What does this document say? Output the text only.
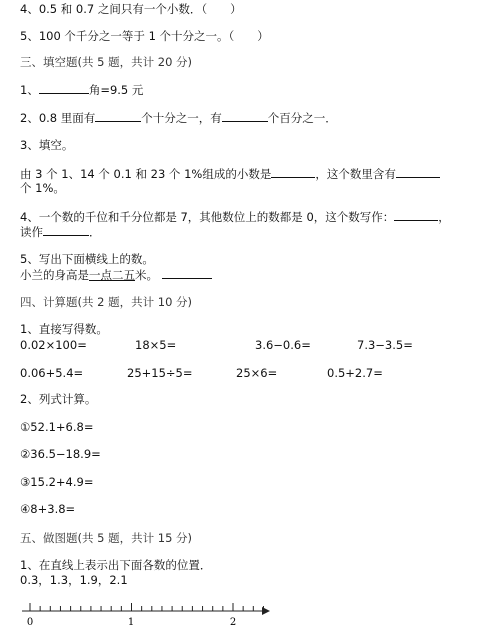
4、0.5 和 0.7 之间只有一个小数．（　　）
5、100 个千分之一等于 1 个十分之一。（　　）
三、填空题(共 5 题，共计 20 分)
1、	角=9.5 元
2、0.8 里面有	个十分之一，有	个百分之一．
3、填空。
由 3 个 1、14 个 0.1 和 23 个 1%组成的小数是	，这个数里含有
个 1%。
4、一个数的千位和千分位都是 7，其他数位上的数都是 0，这个数写作：	，
读作	．
5、写出下面横线上的数。
小兰的身高是一点二五米。
四、计算题(共 2 题，共计 10 分)
1、直接写得数。
0.02×100=	18×5=	3.6−0.6=	7.3−3.5=
0.06+5.4=	25+15÷5=	25×6=	0.5+2.7=
2、列式计算。
①52.1+6.8=
②36.5−18.9=
③15.2+4.9=
④8+3.8=
五、做图题(共 5 题，共计 15 分)
1、在直线上表示出下面各数的位置．
0.3，1.3，1.9，2.1
0	1	2
